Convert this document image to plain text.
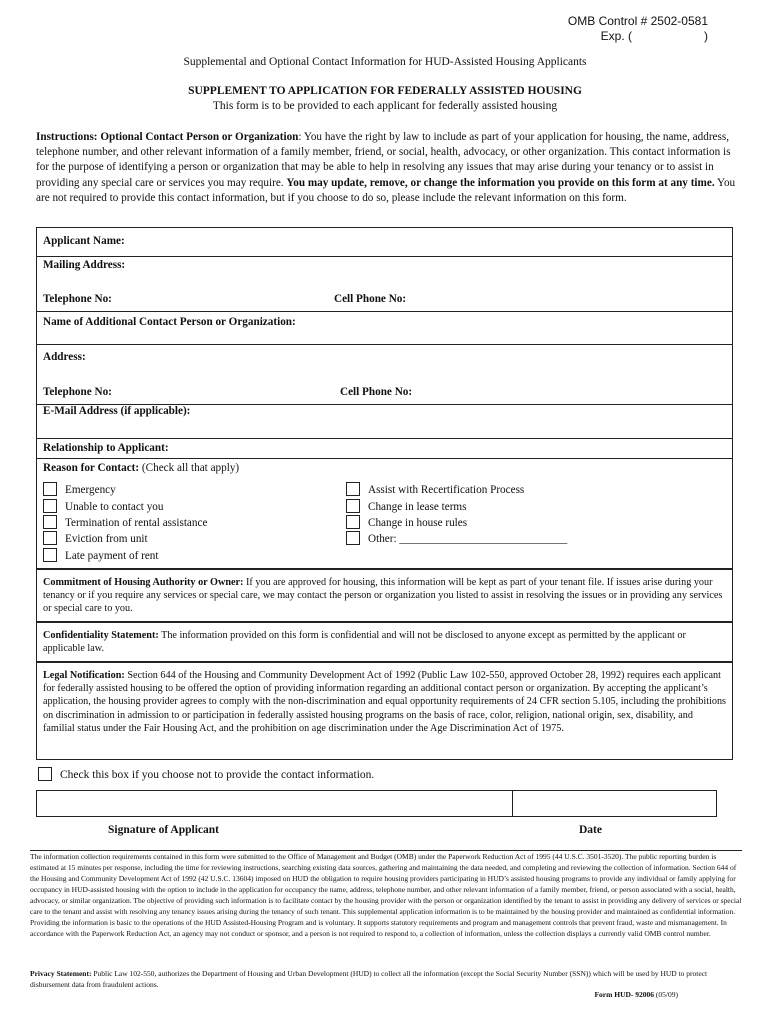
OMB Control # 2502-0581
Exp. (	)
Supplemental and Optional Contact Information for HUD-Assisted Housing Applicants
SUPPLEMENT TO APPLICATION FOR FEDERALLY ASSISTED HOUSING
This form is to be provided to each applicant for federally assisted housing
Instructions: Optional Contact Person or Organization: You have the right by law to include as part of your application for housing, the name, address, telephone number, and other relevant information of a family member, friend, or social, health, advocacy, or other organization. This contact information is for the purpose of identifying a person or organization that may be able to help in resolving any issues that may arise during your tenancy or to assist in providing any special care or services you may require. You may update, remove, or change the information you provide on this form at any time. You are not required to provide this contact information, but if you choose to do so, please include the relevant information on this form.
Applicant Name:
Mailing Address:
Telephone No:	Cell Phone No:
Name of Additional Contact Person or Organization:
Address:
Telephone No:	Cell Phone No:
E-Mail Address (if applicable):
Relationship to Applicant:
Reason for Contact: (Check all that apply)
Emergency
Unable to contact you
Termination of rental assistance
Eviction from unit
Late payment of rent
Assist with Recertification Process
Change in lease terms
Change in house rules
Other: ______________________________
Commitment of Housing Authority or Owner: If you are approved for housing, this information will be kept as part of your tenant file. If issues arise during your tenancy or if you require any services or special care, we may contact the person or organization you listed to assist in resolving the issues or in providing any services or special care to you.
Confidentiality Statement: The information provided on this form is confidential and will not be disclosed to anyone except as permitted by the applicant or applicable law.
Legal Notification: Section 644 of the Housing and Community Development Act of 1992 (Public Law 102-550, approved October 28, 1992) requires each applicant for federally assisted housing to be offered the option of providing information regarding an additional contact person or organization. By accepting the applicant’s application, the housing provider agrees to comply with the non-discrimination and equal opportunity requirements of 24 CFR section 5.105, including the prohibitions on discrimination in admission to or participation in federally assisted housing programs on the basis of race, color, religion, national origin, sex, disability, and familial status under the Fair Housing Act, and the prohibition on age discrimination under the Age Discrimination Act of 1975.
Check this box if you choose not to provide the contact information.
Signature of Applicant	Date
The information collection requirements contained in this form were submitted to the Office of Management and Budget (OMB) under the Paperwork Reduction Act of 1995 (44 U.S.C. 3501-3520). The public reporting burden is estimated at 15 minutes per response, including the time for reviewing instructions, searching existing data sources, gathering and maintaining the data needed, and completing and reviewing the collection of information. Section 644 of the Housing and Community Development Act of 1992 (42 U.S.C. 13604) imposed on HUD the obligation to require housing providers participating in HUD’s assisted housing programs to provide any individual or family applying for occupancy in HUD-assisted housing with the option to include in the application for occupancy the name, address, telephone number, and other relevant information of a family member, friend, or person associated with a social, health, advocacy, or similar organization. The objective of providing such information is to facilitate contact by the housing provider with the person or organization identified by the tenant to assist in providing any delivery of services or special care to the tenant and assist with resolving any tenancy issues arising during the tenancy of such tenant. This supplemental application information is to be maintained by the housing provider and maintained as confidential information. Providing the information is basic to the operations of the HUD Assisted-Housing Program and is voluntary. It supports statutory requirements and program and management controls that prevent fraud, waste and mismanagement. In accordance with the Paperwork Reduction Act, an agency may not conduct or sponsor, and a person is not required to respond to, a collection of information, unless the collection displays a currently valid OMB control number.
Privacy Statement: Public Law 102-550, authorizes the Department of Housing and Urban Development (HUD) to collect all the information (except the Social Security Number (SSN)) which will be used by HUD to protect disbursement data from fraudulent actions.
Form HUD- 92006 (05/09)
